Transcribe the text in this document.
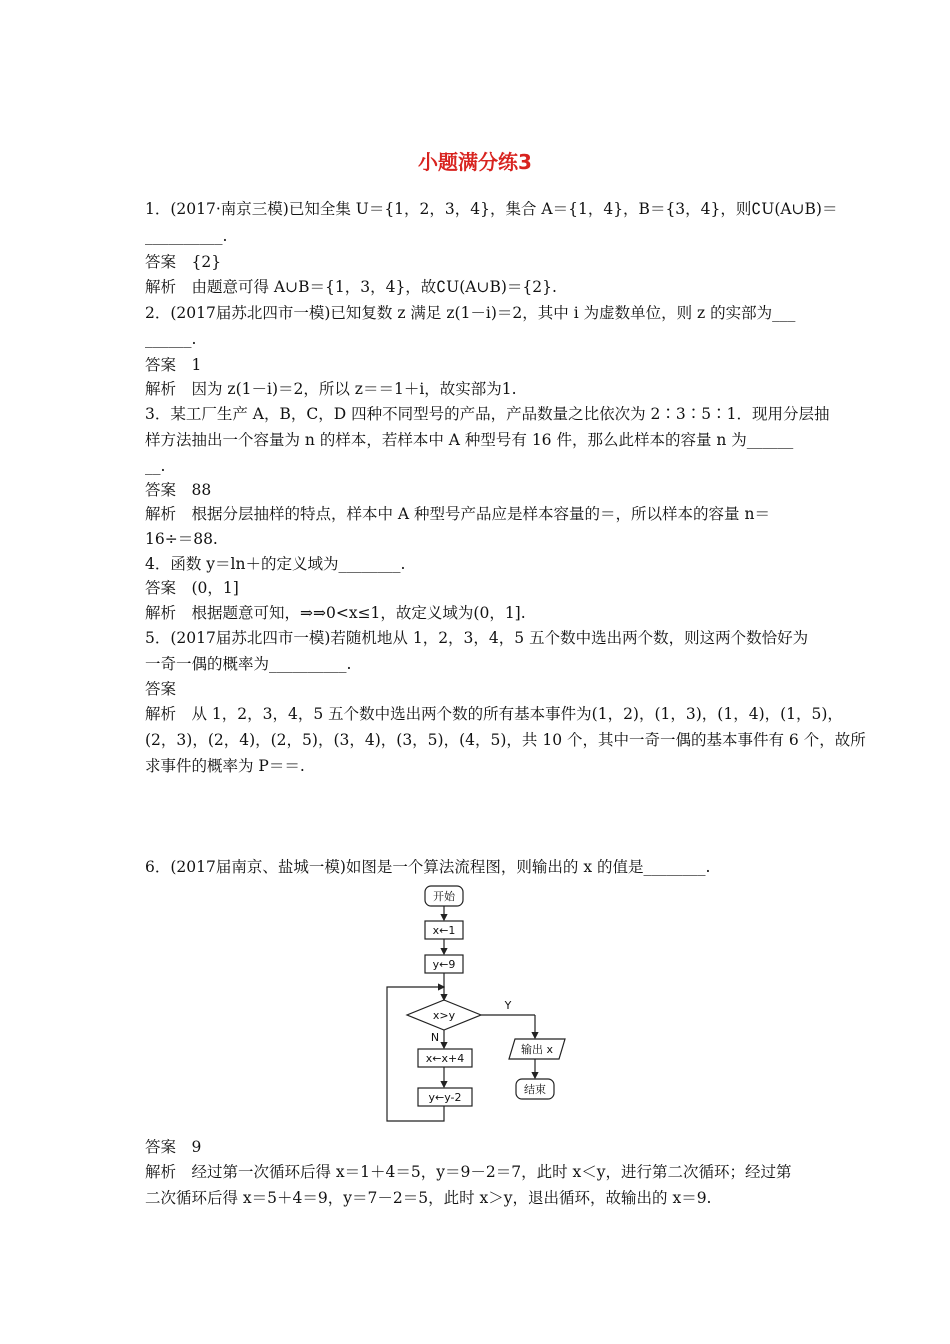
小题满分练3
1．(2017·南京三模)已知全集 U＝{1，2，3，4}，集合 A＝{1，4}，B＝{3，4}，则∁U(A∪B)＝
__________.
答案　{2}
解析　由题意可得 A∪B＝{1，3，4}，故∁U(A∪B)＝{2}.
2．(2017届苏北四市一模)已知复数 z 满足 z(1－i)＝2，其中 i 为虚数单位，则 z 的实部为___
______.
答案　1
解析　因为 z(1－i)＝2，所以 z＝＝1＋i，故实部为1.
3．某工厂生产 A，B，C，D 四种不同型号的产品，产品数量之比依次为 2∶3∶5∶1．现用分层抽
样方法抽出一个容量为 n 的样本，若样本中 A 种型号有 16 件，那么此样本的容量 n 为______
__.
答案　88
解析　根据分层抽样的特点，样本中 A 种型号产品应是样本容量的＝，所以样本的容量 n＝
16÷＝88.
4．函数 y＝ln＋的定义域为________.
答案　(0，1]
解析　根据题意可知，⇒⇒0<x≤1，故定义域为(0，1].
5．(2017届苏北四市一模)若随机地从 1，2，3，4，5 五个数中选出两个数，则这两个数恰好为
一奇一偶的概率为__________.
答案
解析　从 1，2，3，4，5 五个数中选出两个数的所有基本事件为(1，2)，(1，3)，(1，4)，(1，5)，
(2，3)，(2，4)，(2，5)，(3，4)，(3，5)，(4，5)，共 10 个，其中一奇一偶的基本事件有 6 个，故所
求事件的概率为 P＝＝.
6．(2017届南京、盐城一模)如图是一个算法流程图，则输出的 x 的值是________.
答案　9
解析　经过第一次循环后得 x＝1＋4＝5，y＝9－2＝7，此时 x＜y，进行第二次循环；经过第
二次循环后得 x＝5＋4＝9，y＝7－2＝5，此时 x＞y，退出循环，故输出的 x＝9.
开始
x←1
y←9
x>y
Y
N
x←x+4
y←y-2
输出 x
结束
